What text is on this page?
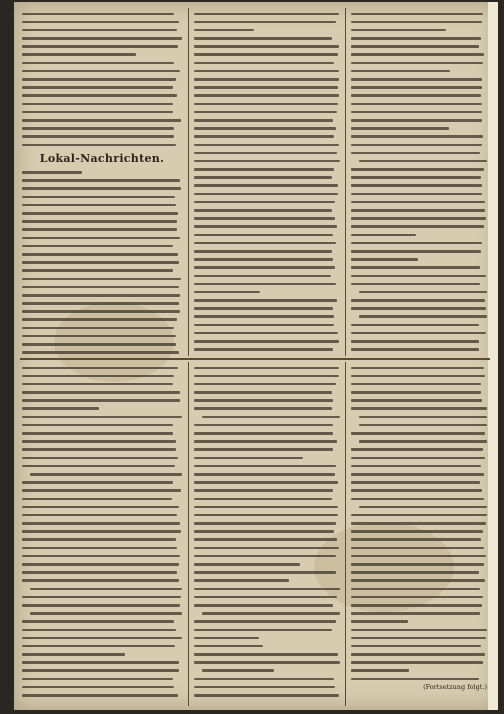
Lokal-Nachrichten.
(Fortsetzung folgt.)
